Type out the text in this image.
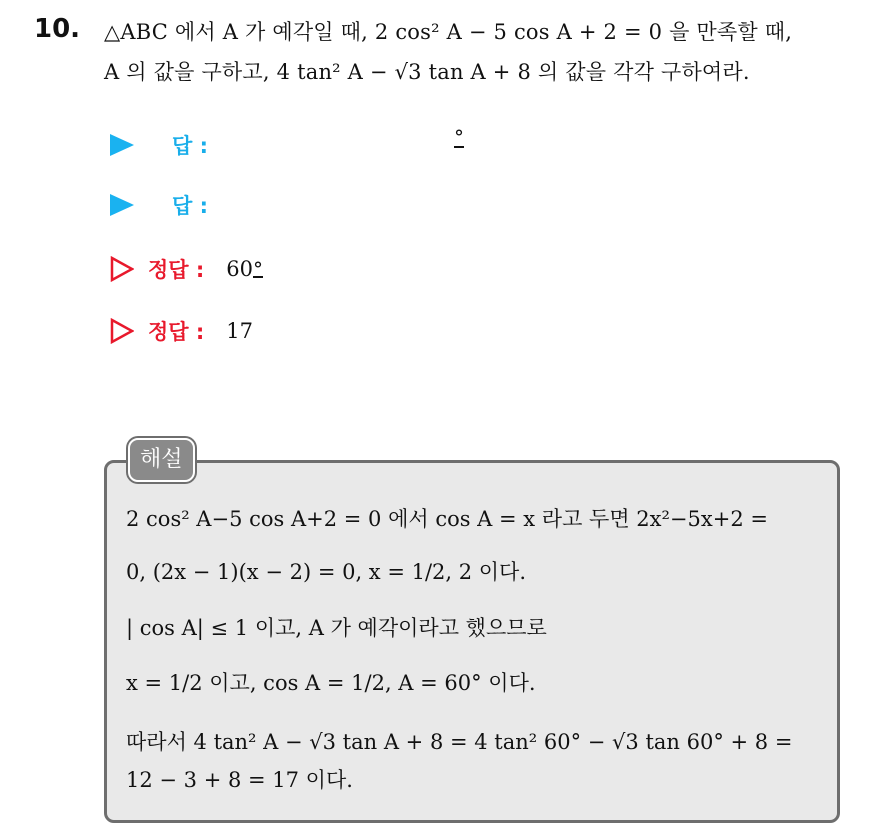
10. △ABC 에서 A 가 예각일 때, 2 cos² A − 5 cos A + 2 = 0 을 만족할 때,
A 의 값을 구하고, 4 tan² A − √3 tan A + 8 의 값을 각각 구하여라.
답 :	°
답 :
정답 : 60°
정답 : 17
해설
2 cos² A−5 cos A+2 = 0 에서 cos A = x 라고 두면 2x²−5x+2 =
0, (2x − 1)(x − 2) = 0, x = 1/2, 2 이다.
| cos A| ≤ 1 이고, A 가 예각이라고 했으므로
x = 1/2 이고, cos A = 1/2, A = 60° 이다.
따라서 4 tan² A − √3 tan A + 8 = 4 tan² 60° − √3 tan 60° + 8 =
12 − 3 + 8 = 17 이다.
